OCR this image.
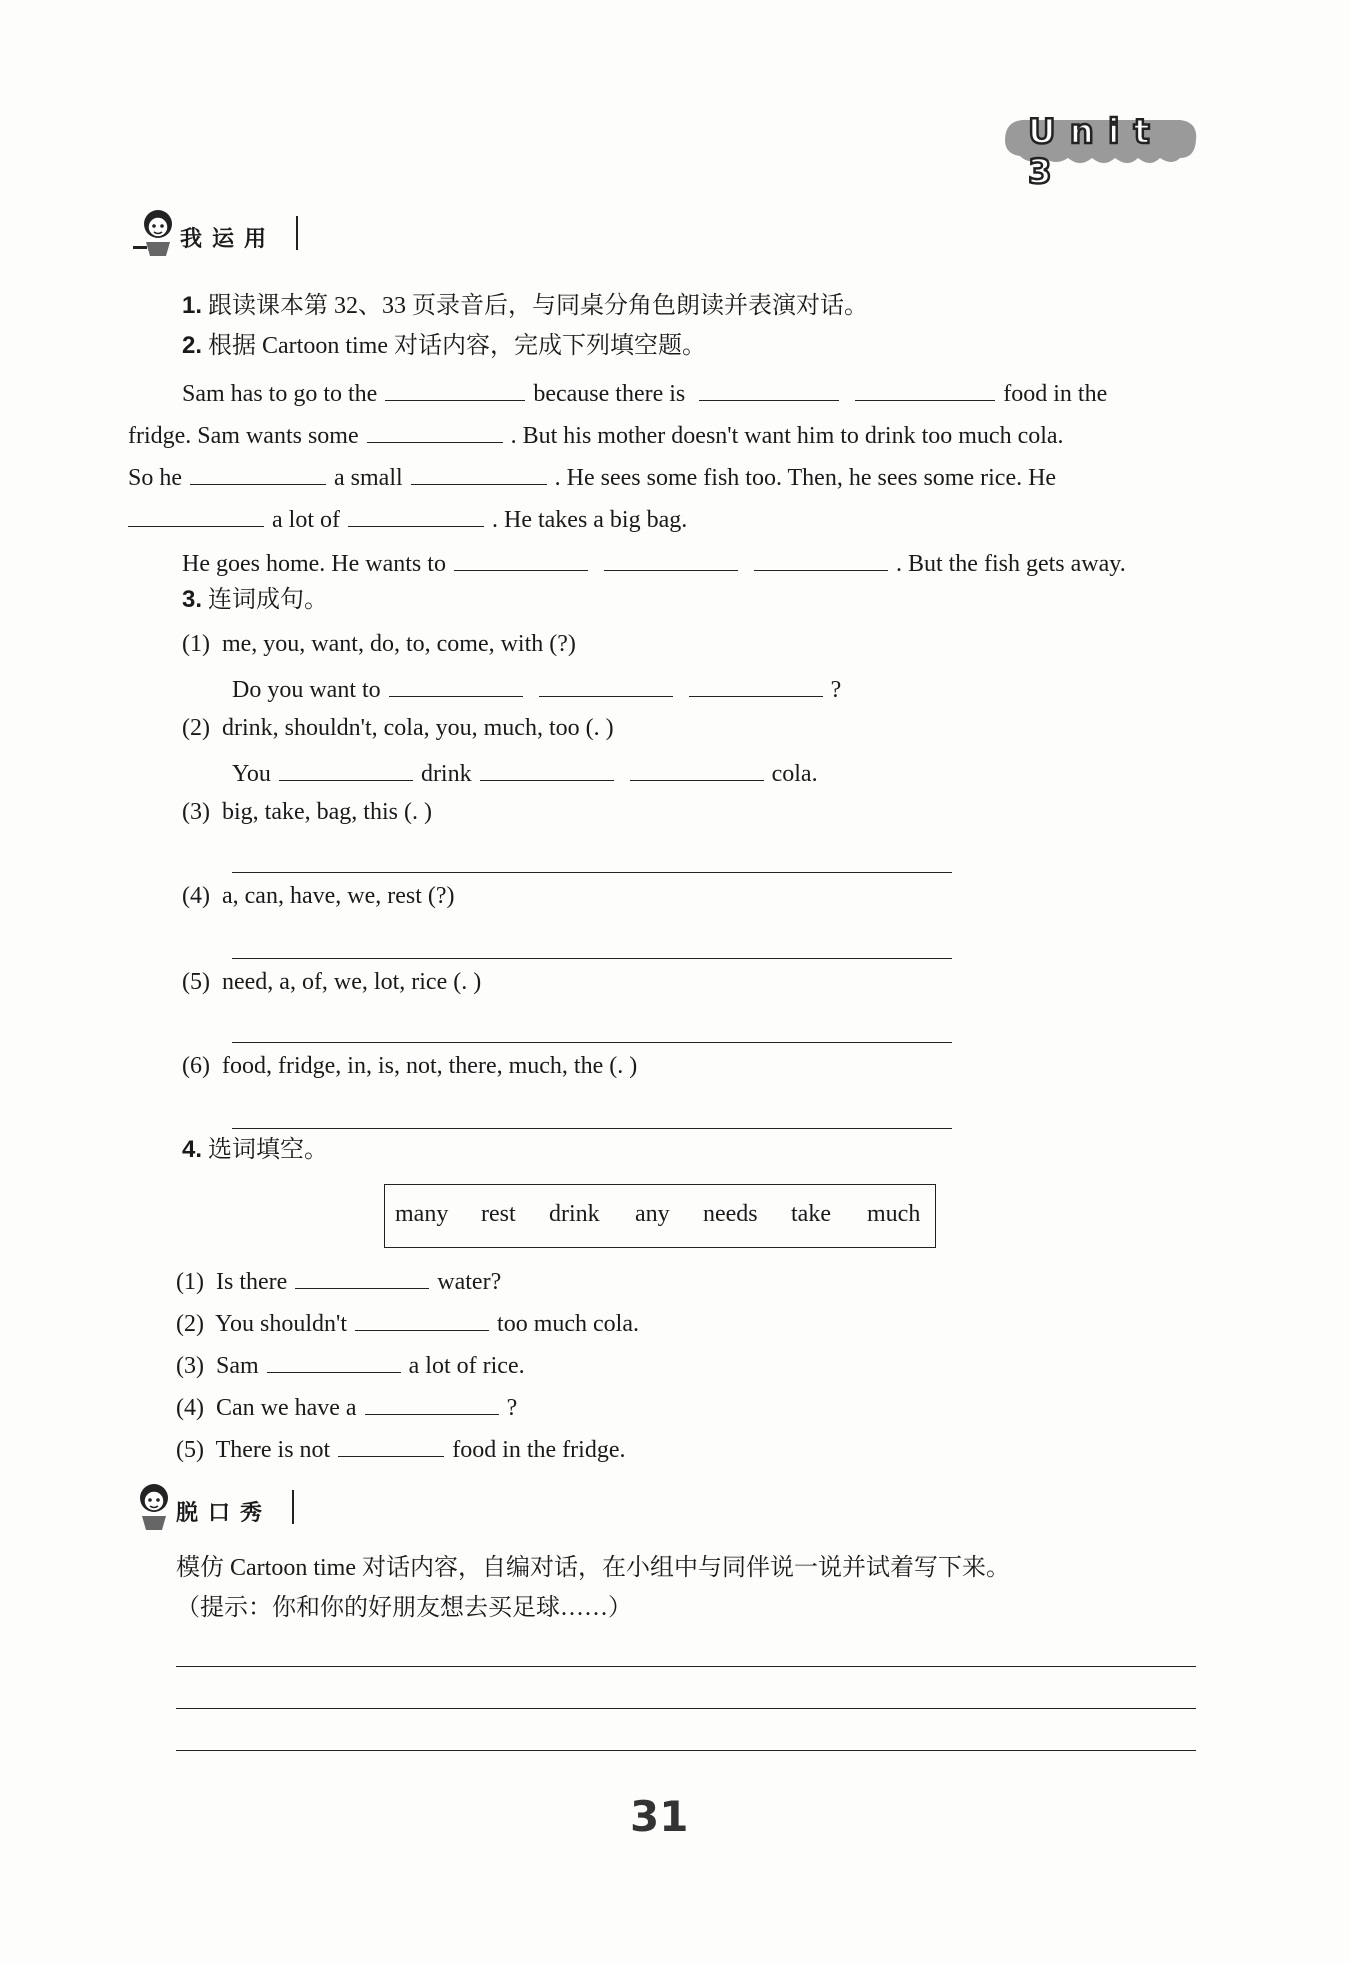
Unit 3
我运用
1. 跟读课本第 32、33 页录音后，与同桌分角色朗读并表演对话。
2. 根据 Cartoon time 对话内容，完成下列填空题。
Sam has to go to the	because there is	food in the
fridge. Sam wants some	. But his mother doesn't want him to drink too much cola.
So he	a small	. He sees some fish too. Then, he sees some rice. He
a lot of	. He takes a big bag.
He goes home. He wants to	. But the fish gets away.
3. 连词成句。
(1) me, you, want, do, to, come, with (?)
Do you want to	?
(2) drink, shouldn't, cola, you, much, too (. )
You	drink	cola.
(3) big, take, bag, this (. )
(4) a, can, have, we, rest (?)
(5) need, a, of, we, lot, rice (. )
(6) food, fridge, in, is, not, there, much, the (. )
4. 选词填空。
many rest drink any needs take much
(1) Is there	water?
(2) You shouldn't	too much cola.
(3) Sam	a lot of rice.
(4) Can we have a	?
(5) There is not	food in the fridge.
脱口秀
模仿 Cartoon time 对话内容，自编对话，在小组中与同伴说一说并试着写下来。
（提示：你和你的好朋友想去买足球……）
31
